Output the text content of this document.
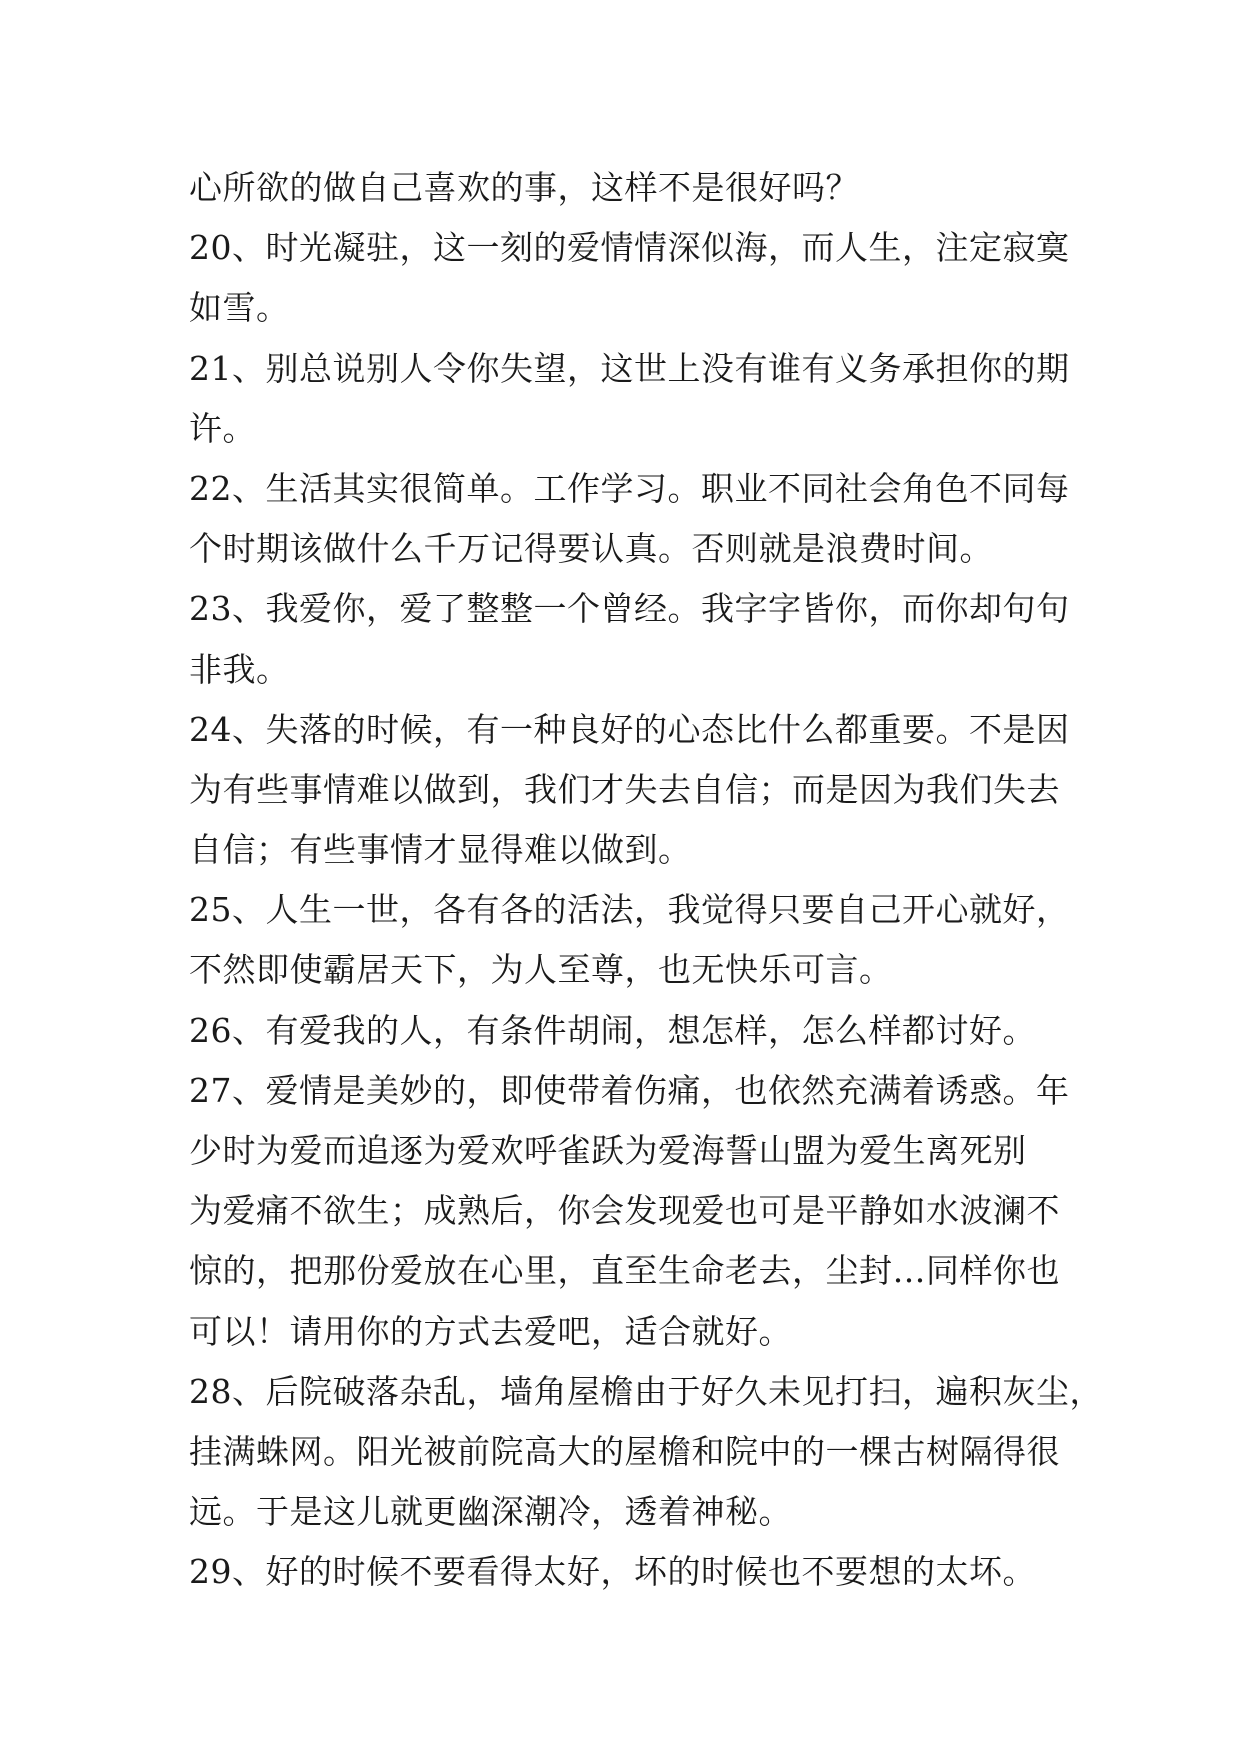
心所欲的做自己喜欢的事，这样不是很好吗？
20、时光凝驻，这一刻的爱情情深似海，而人生，注定寂寞
如雪。
21、别总说别人令你失望，这世上没有谁有义务承担你的期
许。
22、生活其实很简单。工作学习。职业不同社会角色不同每
个时期该做什么千万记得要认真。否则就是浪费时间。
23、我爱你，爱了整整一个曾经。我字字皆你，而你却句句
非我。
24、失落的时候，有一种良好的心态比什么都重要。不是因
为有些事情难以做到，我们才失去自信；而是因为我们失去
自信；有些事情才显得难以做到。
25、人生一世，各有各的活法，我觉得只要自己开心就好，
不然即使霸居天下，为人至尊，也无快乐可言。
26、有爱我的人，有条件胡闹，想怎样，怎么样都讨好。
27、爱情是美妙的，即使带着伤痛，也依然充满着诱惑。年
少时为爱而追逐为爱欢呼雀跃为爱海誓山盟为爱生离死别
为爱痛不欲生；成熟后，你会发现爱也可是平静如水波澜不
惊的，把那份爱放在心里，直至生命老去，尘封…同样你也
可以！请用你的方式去爱吧，适合就好。
28、后院破落杂乱，墙角屋檐由于好久未见打扫，遍积灰尘，
挂满蛛网。阳光被前院高大的屋檐和院中的一棵古树隔得很
远。于是这儿就更幽深潮冷，透着神秘。
29、好的时候不要看得太好，坏的时候也不要想的太坏。
